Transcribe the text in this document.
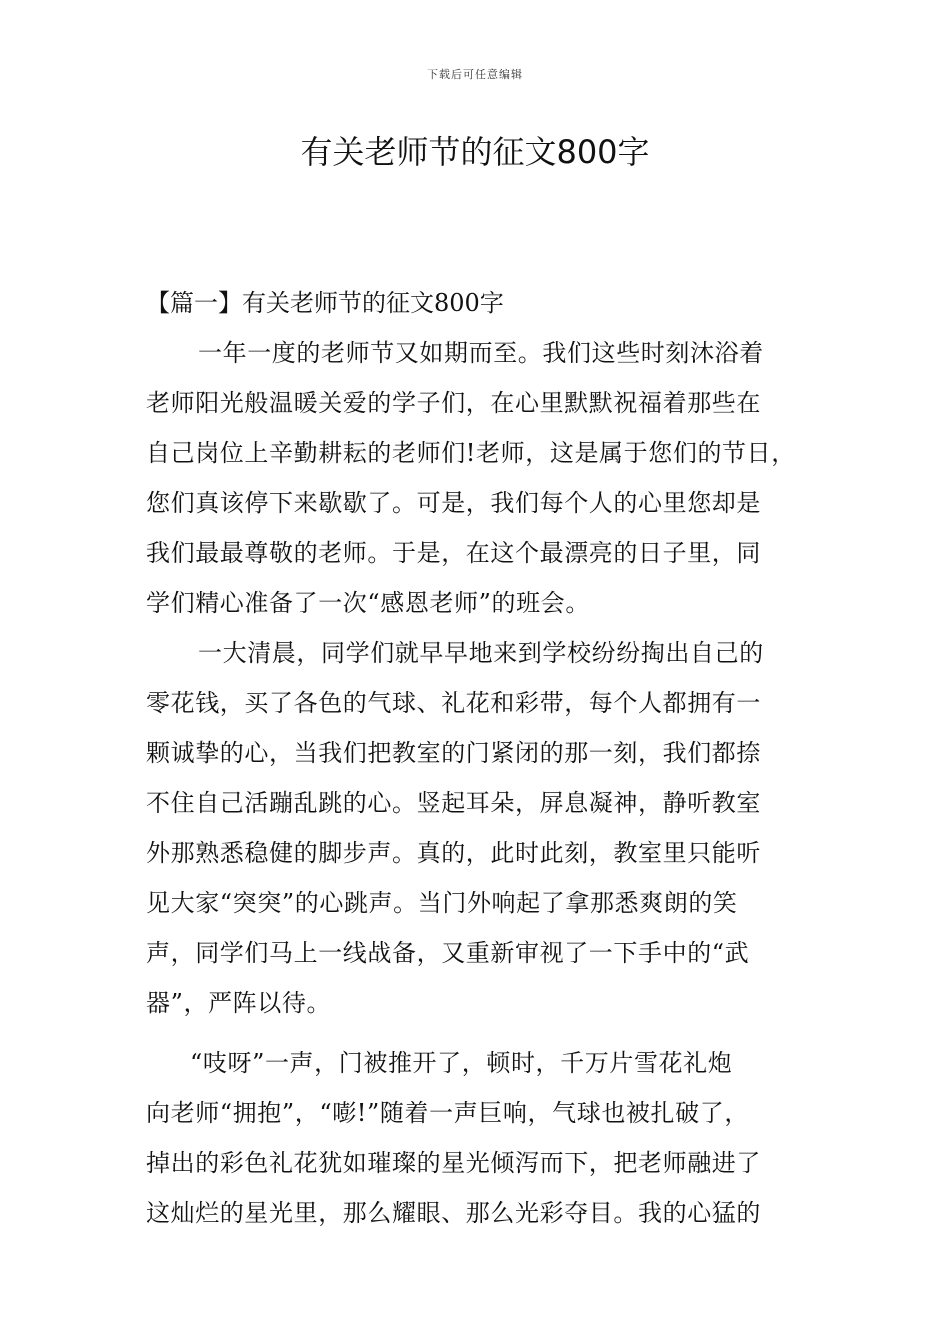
下载后可任意编辑
有关老师节的征文800字
【篇一】有关老师节的征文800字
一年一度的老师节又如期而至。我们这些时刻沐浴着
老师阳光般温暖关爱的学子们，在心里默默祝福着那些在
自己岗位上辛勤耕耘的老师们!老师，这是属于您们的节日，
您们真该停下来歇歇了。可是，我们每个人的心里您却是
我们最最尊敬的老师。于是，在这个最漂亮的日子里，同
学们精心准备了一次“感恩老师”的班会。
一大清晨，同学们就早早地来到学校纷纷掏出自己的
零花钱，买了各色的气球、礼花和彩带，每个人都拥有一
颗诚挚的心，当我们把教室的门紧闭的那一刻，我们都捺
不住自己活蹦乱跳的心。竖起耳朵，屏息凝神，静听教室
外那熟悉稳健的脚步声。真的，此时此刻，教室里只能听
见大家“突突”的心跳声。当门外响起了拿那悉爽朗的笑
声，同学们马上一线战备，又重新审视了一下手中的“武
器”，严阵以待。
“吱呀”一声，门被推开了，顿时，千万片雪花礼炮
向老师“拥抱”，“嘭!”随着一声巨响，气球也被扎破了，
掉出的彩色礼花犹如璀璨的星光倾泻而下，把老师融进了
这灿烂的星光里，那么耀眼、那么光彩夺目。我的心猛的
